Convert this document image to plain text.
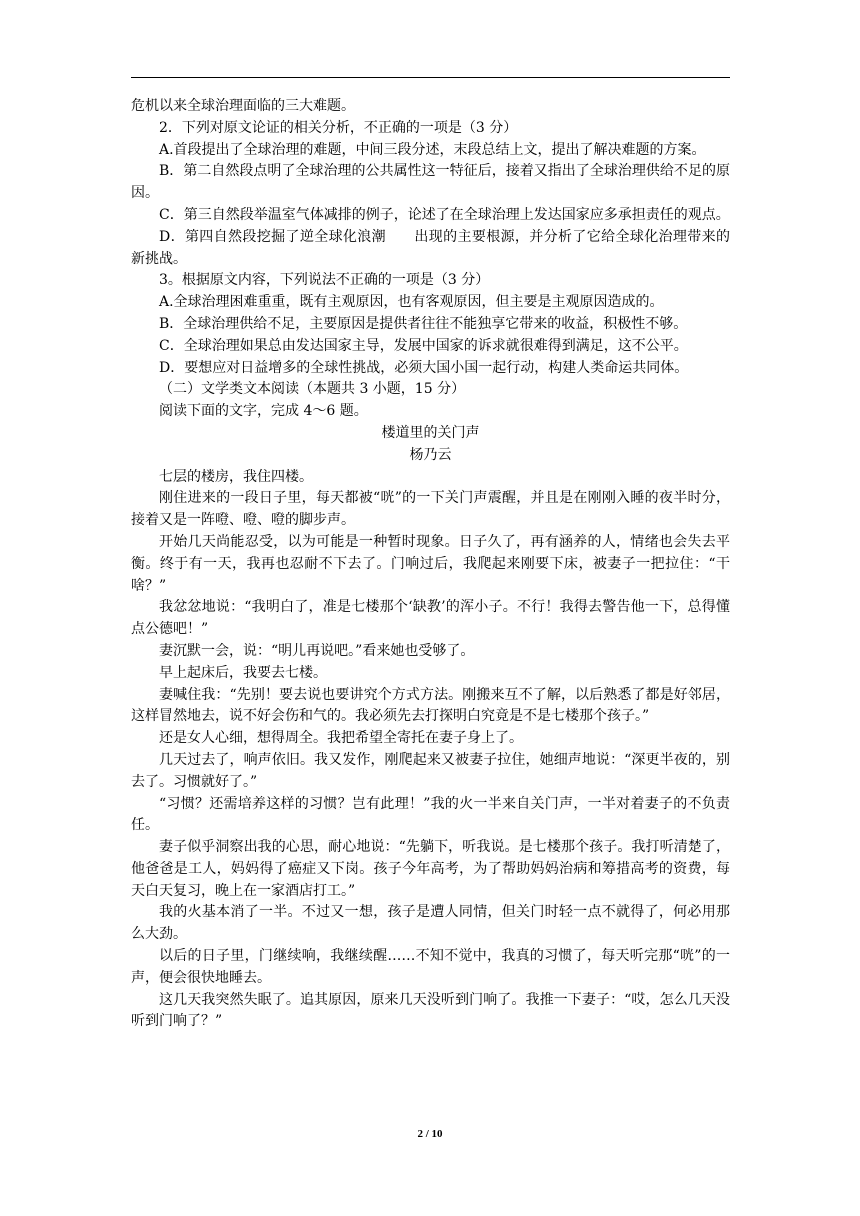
危机以来全球治理面临的三大难题。

2．下列对原文论证的相关分析，不正确的一项是（3 分）

A.首段提出了全球治理的难题，中间三段分述，末段总结上文，提出了解决难题的方案。

B．第二自然段点明了全球治理的公共属性这一特征后，接着又指出了全球治理供给不足的原因。

C．第三自然段举温室气体减排的例子，论述了在全球治理上发达国家应多承担责任的观点。

D．第四自然段挖掘了逆全球化浪潮 出现的主要根源，并分析了它给全球化治理带来的新挑战。

3。根据原文内容，下列说法不正确的一项是（3 分）

A.全球治理困难重重，既有主观原因，也有客观原因，但主要是主观原因造成的。

B．全球治理供给不足，主要原因是提供者往往不能独享它带来的收益，积极性不够。

C．全球治理如果总由发达国家主导，发展中国家的诉求就很难得到满足，这不公平。

D．要想应对日益增多的全球性挑战，必须大国小国一起行动，构建人类命运共同体。

（二）文学类文本阅读（本题共 3 小题，15 分）

阅读下面的文字，完成 4～6 题。

楼道里的关门声

杨乃云

七层的楼房，我住四楼。

刚住进来的一段日子里，每天都被“咣”的一下关门声震醒，并且是在刚刚入睡的夜半时分，接着又是一阵噔、噔、噔的脚步声。

开始几天尚能忍受，以为可能是一种暂时现象。日子久了，再有涵养的人，情绪也会失去平衡。终于有一天，我再也忍耐不下去了。门响过后，我爬起来刚要下床，被妻子一把拉住：“干啥？”

我忿忿地说：“我明白了，准是七楼那个‘缺教’的浑小子。不行！我得去警告他一下，总得懂点公德吧！”

妻沉默一会，说：“明儿再说吧。”看来她也受够了。

早上起床后，我要去七楼。

妻喊住我：“先别！要去说也要讲究个方式方法。刚搬来互不了解，以后熟悉了都是好邻居，这样冒然地去，说不好会伤和气的。我必须先去打探明白究竟是不是七楼那个孩子。”

还是女人心细，想得周全。我把希望全寄托在妻子身上了。

几天过去了，响声依旧。我又发作，刚爬起来又被妻子拉住，她细声地说：“深更半夜的，别去了。习惯就好了。”

“习惯？还需培养这样的习惯？岂有此理！”我的火一半来自关门声，一半对着妻子的不负责任。

妻子似乎洞察出我的心思，耐心地说：“先躺下，听我说。是七楼那个孩子。我打听清楚了，他爸爸是工人，妈妈得了癌症又下岗。孩子今年高考，为了帮助妈妈治病和筹措高考的资费，每天白天复习，晚上在一家酒店打工。”

我的火基本消了一半。不过又一想，孩子是遭人同情，但关门时轻一点不就得了，何必用那么大劲。

以后的日子里，门继续响，我继续醒……不知不觉中，我真的习惯了，每天听完那“咣”的一声，便会很快地睡去。

这几天我突然失眠了。追其原因，原来几天没听到门响了。我推一下妻子：“哎，怎么几天没听到门响了？”

2 / 10
